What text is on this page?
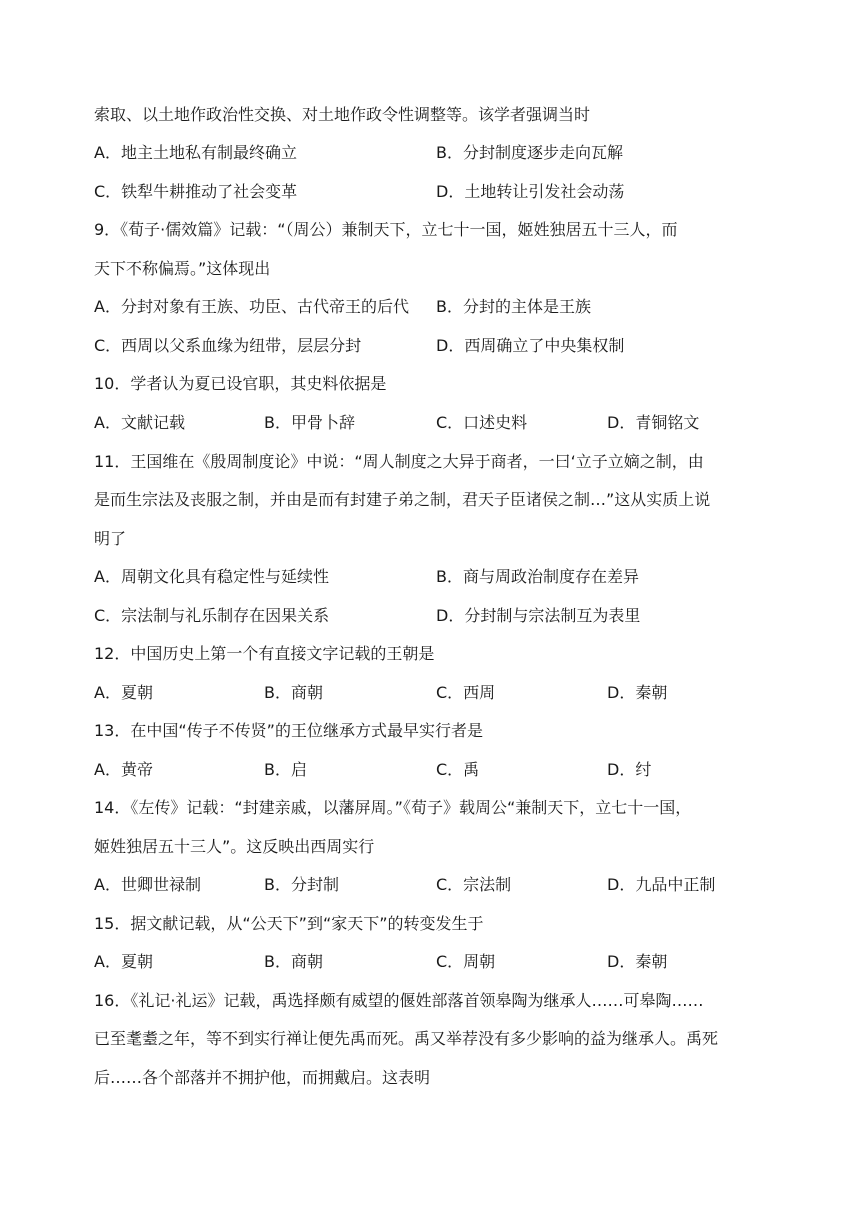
索取、以土地作政治性交换、对土地作政令性调整等。该学者强调当时
A．地主土地私有制最终确立	B．分封制度逐步走向瓦解
C．铁犁牛耕推动了社会变革	D．土地转让引发社会动荡
9．《荀子·儒效篇》记载：“（周公）兼制天下，立七十一国，姬姓独居五十三人，而
天下不称偏焉。”这体现出
A．分封对象有王族、功臣、古代帝王的后代 B．分封的主体是王族
C．西周以父系血缘为纽带，层层分封	D．西周确立了中央集权制
10．学者认为夏已设官职，其史料依据是
A．文献记载	B．甲骨卜辞	C．口述史料	D．青铜铭文
11．王国维在《殷周制度论》中说：“周人制度之大异于商者，一曰‘立子立嫡之制，由
是而生宗法及丧服之制，并由是而有封建子弟之制，君天子臣诸侯之制…”这从实质上说
明了
A．周朝文化具有稳定性与延续性	B．商与周政治制度存在差异
C．宗法制与礼乐制存在因果关系	D．分封制与宗法制互为表里
12．中国历史上第一个有直接文字记载的王朝是
A．夏朝	B．商朝	C．西周	D．秦朝
13．在中国“传子不传贤”的王位继承方式最早实行者是
A．黄帝	B．启	C．禹	D．纣
14．《左传》记载：“封建亲戚，以藩屏周。”《荀子》载周公“兼制天下，立七十一国，
姬姓独居五十三人”。这反映出西周实行
A．世卿世禄制	B．分封制	C．宗法制	D．九品中正制
15．据文献记载，从“公天下”到“家天下”的转变发生于
A．夏朝	B．商朝	C．周朝	D．秦朝
16．《礼记·礼运》记载，禹选择颇有威望的偃姓部落首领皋陶为继承人……可皋陶……
已至耄耋之年，等不到实行禅让便先禹而死。禹又举荐没有多少影响的益为继承人。禹死
后……各个部落并不拥护他，而拥戴启。这表明
